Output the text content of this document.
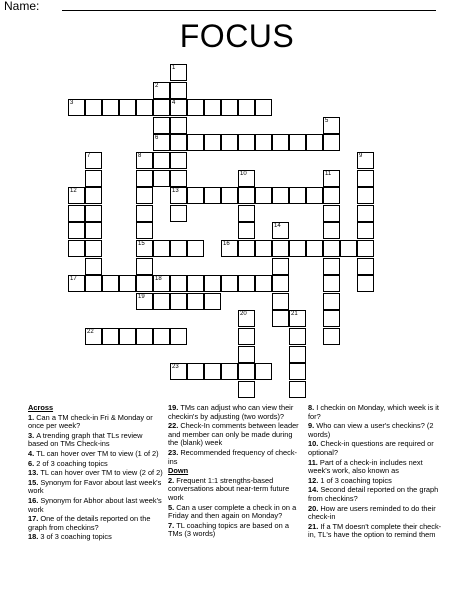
Name:
FOCUS
1
4
13
2
6
3
5
7	8
15
9
10	11
12
14
16
17	18
19
20	21
22
23
Across
1. Can a TM check-in Fri & Monday or once per week?
3. A trending graph that TLs review based on TMs Check-ins
4. TL can hover over TM to view (1 of 2)
6. 2 of 3 coaching topics
13. TL can hover over TM to view (2 of 2)
15. Synonym for Favor about last week's work
16. Synonym for Abhor about last week's work
17. One of the details reported on the graph from checkins?
18. 3 of 3 coaching topics
19. TMs can adjust who can view their checkin's by adjusting (two words)?
22. Check-In comments between leader and member can only be made during the (blank) week
23. Recommended frequency of check-ins
Down
2. Frequent 1:1 strengths-based conversations about near-term future work
5. Can a user complete a check in on a Friday and then again on Monday?
7. TL coaching topics are based on a TMs (3 words)
8. I checkin on Monday, which week is it for?
9. Who can view a user's checkins? (2 words)
10. Check-in questions are required or optional?
11. Part of a check-in includes next week's work, also known as
12. 1 of 3 coaching topics
14. Second detail reported on the graph from checkins?
20. How are users reminded to do their check-in
21. If a TM doesn't complete their check-in, TL's have the option to remind them
